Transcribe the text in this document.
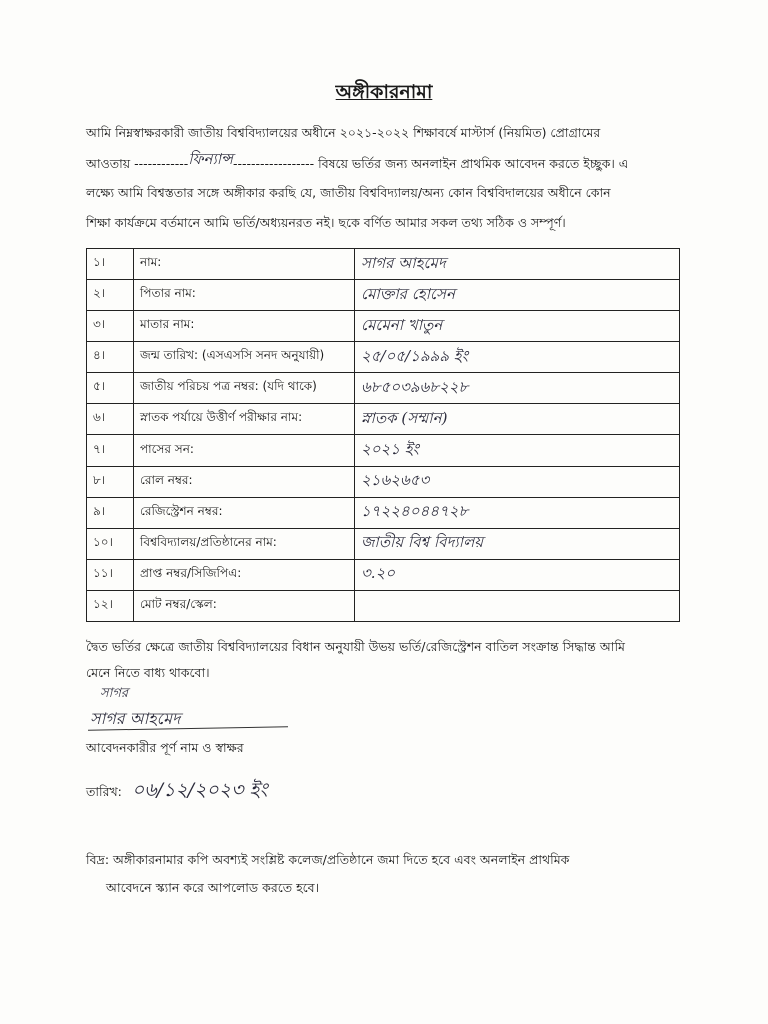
অঙ্গীকারনামা
আমি নিম্নস্বাক্ষরকারী জাতীয় বিশ্ববিদ্যালয়ের অধীনে ২০২১-২০২২ শিক্ষাবর্ষে মাস্টার্স (নিয়মিত) প্রোগ্রামের
আওতায় ------------ফিন্যান্স------------------ বিষয়ে ভর্তির জন্য অনলাইন প্রাথমিক আবেদন করতে ইচ্ছুক। এ
লক্ষ্যে আমি বিশ্বস্ততার সঙ্গে অঙ্গীকার করছি যে, জাতীয় বিশ্ববিদ্যালয়/অন্য কোন বিশ্ববিদালয়ের অধীনে কোন
শিক্ষা কার্যক্রমে বর্তমানে আমি ভর্তি/অধ্যয়নরত নই। ছকে বর্ণিত আমার সকল তথ্য সঠিক ও সম্পূর্ণ।
১।	নাম:	সাগর আহমেদ
২।	পিতার নাম:	মোক্তার হোসেন
৩।	মাতার নাম:	মেমেনা খাতুন
৪।	জন্ম তারিখ: (এসএসসি সনদ অনুযায়ী)	২৫/০৫/১৯৯৯ ইং
৫।	জাতীয় পরিচয় পত্র নম্বর: (যদি থাকে)	৬৮৫০৩৯৬৮২২৮
৬।	স্নাতক পর্যায়ে উত্তীর্ণ পরীক্ষার নাম:	স্নাতক (সম্মান)
৭।	পাসের সন:	২০২১ ইং
৮।	রোল নম্বর:	২১৬২৬৫৩
৯।	রেজিস্ট্রেশন নম্বর:	১৭২২৪০৪৪৭২৮
১০।	বিশ্ববিদ্যালয়/প্রতিষ্ঠানের নাম:	জাতীয় বিশ্ব বিদ্যালয়
১১।	প্রাপ্ত নম্বর/সিজিপিএ:	৩.২০
১২।	মোট নম্বর/স্কেল:	
দ্বৈত ভর্তির ক্ষেত্রে জাতীয় বিশ্ববিদ্যালয়ের বিধান অনুযায়ী উভয় ভর্তি/রেজিস্ট্রেশন বাতিল সংক্রান্ত সিদ্ধান্ত আমি
মেনে নিতে বাধ্য থাকবো।
সাগর
সাগর আহমেদ
আবেদনকারীর পূর্ণ নাম ও স্বাক্ষর
তারিখ: ০৬/১২/২০২৩ ইং
বিদ্র: অঙ্গীকারনামার কপি অবশ্যই সংশ্লিষ্ট কলেজ/প্রতিষ্ঠানে জমা দিতে হবে এবং অনলাইন প্রাথমিক
আবেদনে স্ক্যান করে আপলোড করতে হবে।
